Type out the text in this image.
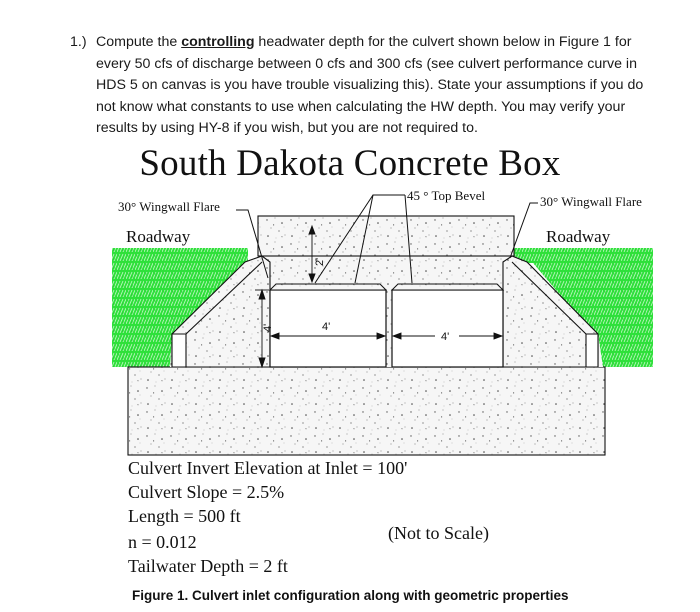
1.) Compute the controlling headwater depth for the culvert shown below in Figure 1 for
every 50 cfs of discharge between 0 cfs and 300 cfs (see culvert performance curve in
HDS 5 on canvas is you have trouble visualizing this). State your assumptions if you do
not know what constants to use when calculating the HW depth. You may verify your
results by using HY-8 if you wish, but you are not required to.
South Dakota Concrete Box
2'
4'	4'
4'
30° Wingwall Flare
45 ° Top Bevel	30° Wingwall Flare
Roadway	Roadway
Culvert Invert Elevation at Inlet = 100'
Culvert Slope = 2.5%
Length = 500 ft
n = 0.012	(Not to Scale)
Tailwater Depth = 2 ft
Figure 1. Culvert inlet configuration along with geometric properties
